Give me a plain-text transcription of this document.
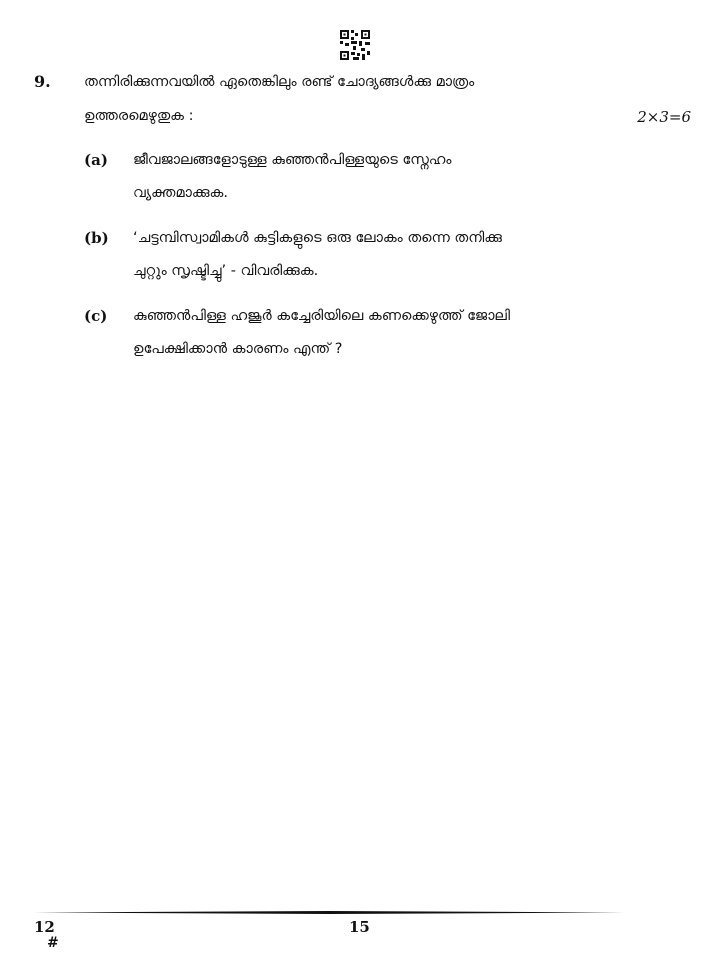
9. തന്നിരിക്കുന്നവയിൽ ഏതെങ്കിലും രണ്ട് ചോദ്യങ്ങൾക്കു മാത്രം
ഉത്തരമെഴുതുക :	2×3=6
(a) ജീവജാലങ്ങളോടുള്ള കുഞ്ഞൻപിള്ളയുടെ സ്നേഹം
വ്യക്തമാക്കുക.
(b) ‘ചട്ടമ്പിസ്വാമികൾ കുട്ടികളുടെ ഒരു ലോകം തന്നെ തനിക്കു
ചുറ്റും സൃഷ്ടിച്ചു’ - വിവരിക്കുക.
(c) കുഞ്ഞൻപിള്ള ഹജൂർ കച്ചേരിയിലെ കണക്കെഴുത്ത് ജോലി
ഉപേക്ഷിക്കാൻ കാരണം എന്ത് ?
12
#
15
